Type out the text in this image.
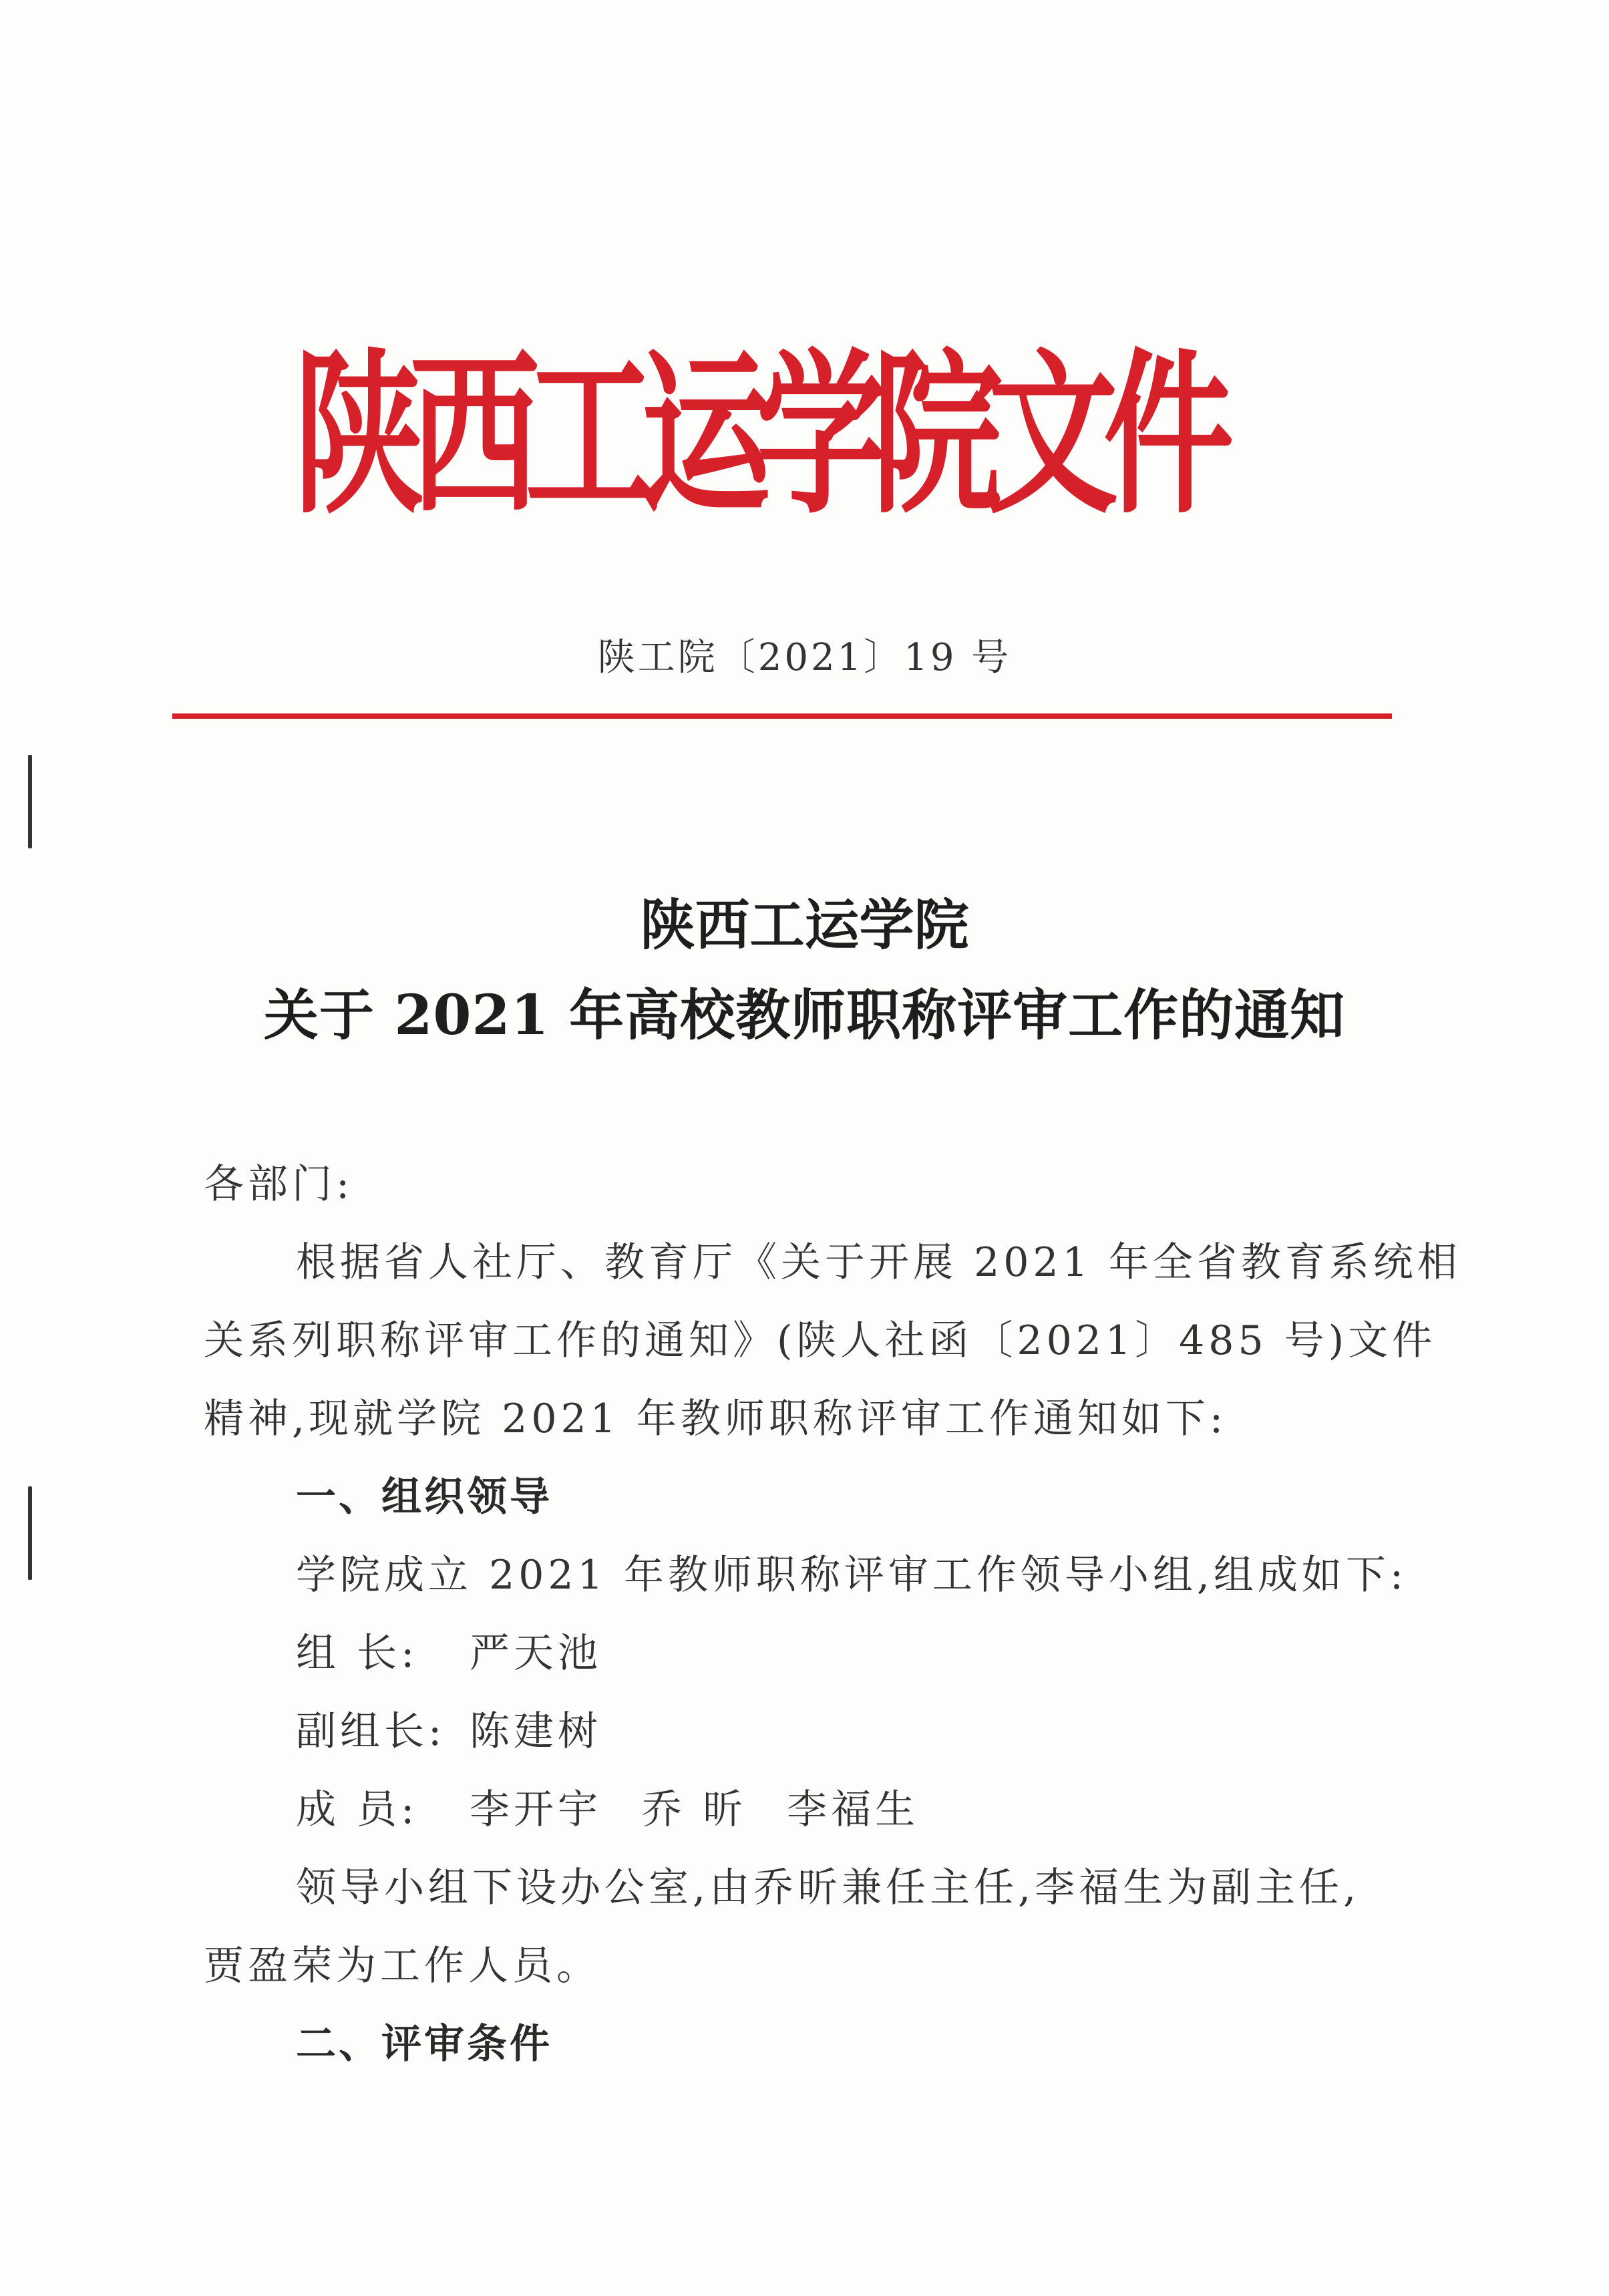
陕西工运学院文件
陕工院〔2021〕19 号
陕西工运学院
关于 2021 年高校教师职称评审工作的通知
各部门:
根据省人社厅、教育厅《关于开展 2021 年全省教育系统相
关系列职称评审工作的通知》(陕人社函〔2021〕485 号)文件
精神,现就学院 2021 年教师职称评审工作通知如下:
一、组织领导
学院成立 2021 年教师职称评审工作领导小组,组成如下:
组 长: 严天池
副组长: 陈建树
成 员: 李开宇 乔 昕 李福生
领导小组下设办公室,由乔昕兼任主任,李福生为副主任,
贾盈荣为工作人员。
二、评审条件
